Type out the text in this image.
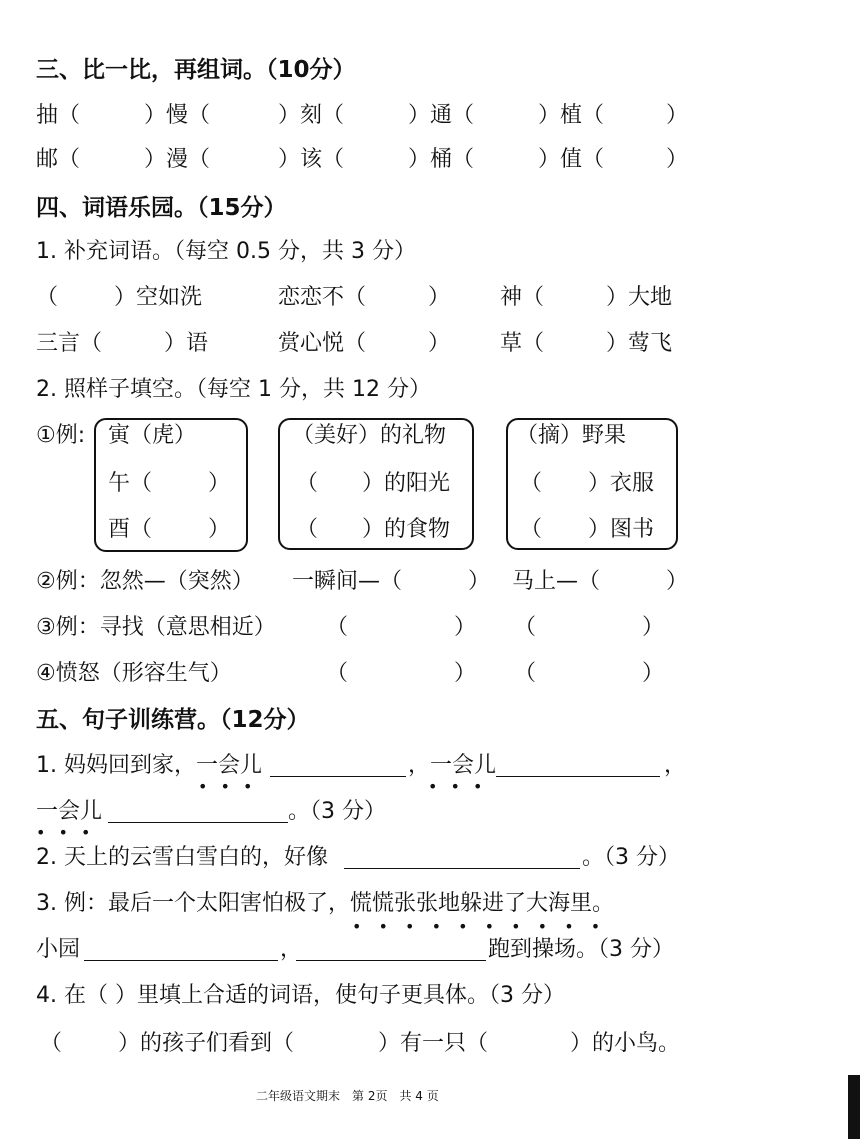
三、比一比，再组词。（10分）
抽（	）慢（	）刻（	）通（	）植（	）
邮（	）漫（	）该（	）桶（	）值（	）
四、词语乐园。（15分）
1. 补充词语。（每空 0.5 分，共 3 分）
（	）空如洗	恋恋不（	） 神（	）大地
三言（	）语	赏心悦（	） 草（	）莺飞
2. 照样子填空。（每空 1 分，共 12 分）
①例: 寅（虎）
午（	）
酉（	）
（美好）的礼物
（ ）的阳光
（ ）的食物
（摘）野果
（ ）衣服
（ ）图书
②例：忽然—（突然） 一瞬间—（	） 马上—（	）
③例：寻找（意思相近） （	） （	）
④愤怒（形容生气）	（	） （	）
五、句子训练营。（12分）
1. 妈妈回到家，一会儿	，一会儿	，
• • •	• • •
一会儿	。（3 分）
• • •
2. 天上的云雪白雪白的，好像	。（3 分）
3. 例：最后一个太阳害怕极了，慌慌张张地躲进了大海里。
• • • • • • • • • •
小园	，	跑到操场。（3 分）
4. 在（ ）里填上合适的词语，使句子更具体。（3 分）
（	）的孩子们看到（	）有一只（	）的小鸟。
二年级语文期末　第 2页　共 4 页
